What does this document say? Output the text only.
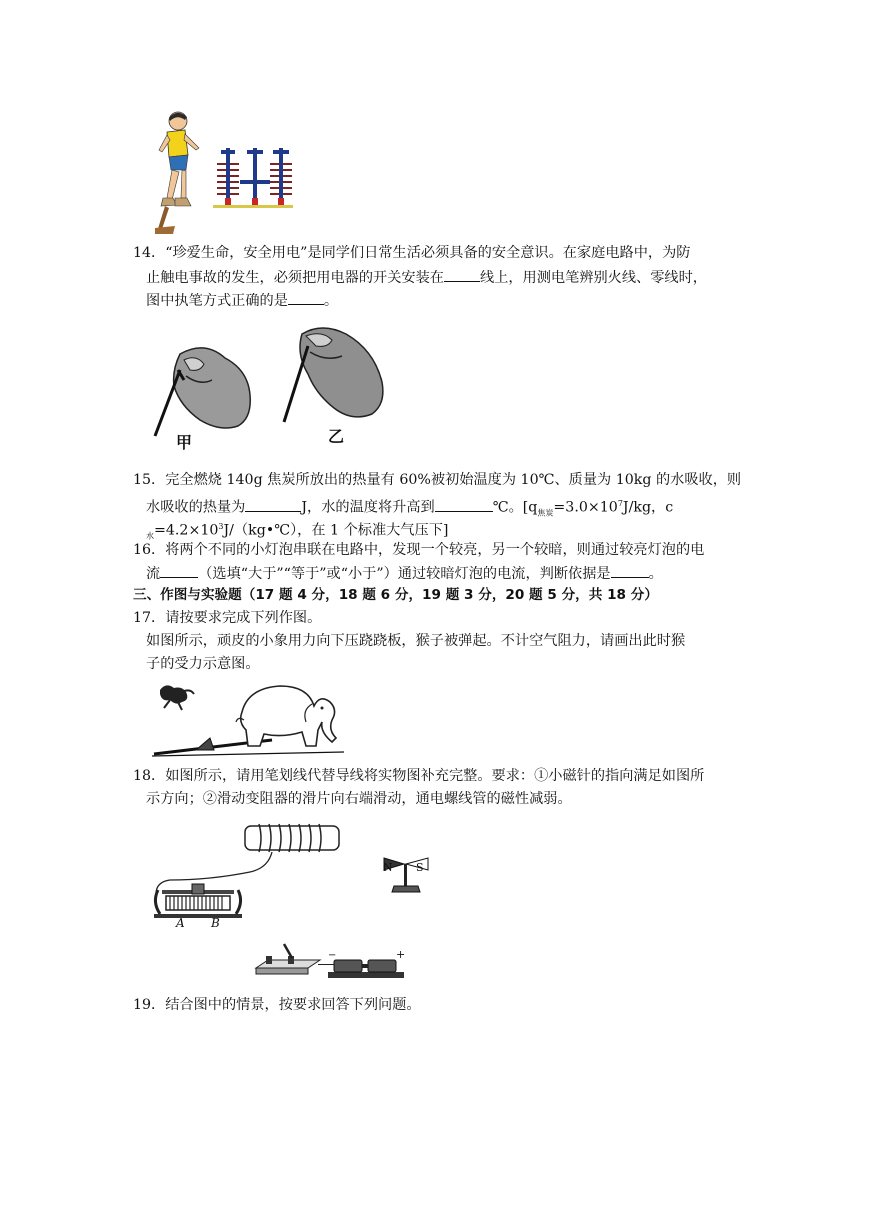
14．“珍爱生命，安全用电”是同学们日常生活必须具备的安全意识。在家庭电路中，为防
止触电事故的发生，必须把用电器的开关安装在	线上，用测电笔辨别火线、零线时，
图中执笔方式正确的是	。
甲	乙
15．完全燃烧 140g 焦炭所放出的热量有 60%被初始温度为 10℃、质量为 10kg 的水吸收，则
水吸收的热量为	J，水的温度将升高到	℃。[$q_{焦炭}=3.0\times 10^7J/kg$，c
$_水=4.2\times 10^3J/(kg•℃)$，在 1 个标准大气压下]
16．将两个不同的小灯泡串联在电路中，发现一个较亮，另一个较暗，则通过较亮灯泡的电
流	（选填“大于”“等于”或“小于”）通过较暗灯泡的电流，判断依据是	。
三、作图与实验题（17 题 4 分，18 题 6 分，19 题 3 分，20 题 5 分，共 18 分）
17．请按要求完成下列作图。
如图所示，顽皮的小象用力向下压跷跷板，猴子被弹起。不计空气阻力，请画出此时猴
子的受力示意图。
18．如图所示，请用笔划线代替导线将实物图补充完整。要求：①小磁针的指向满足如图所
示方向；②滑动变阻器的滑片向右端滑动，通电螺线管的磁性减弱。
N S
A B
−	+
19．结合图中的情景，按要求回答下列问题。
